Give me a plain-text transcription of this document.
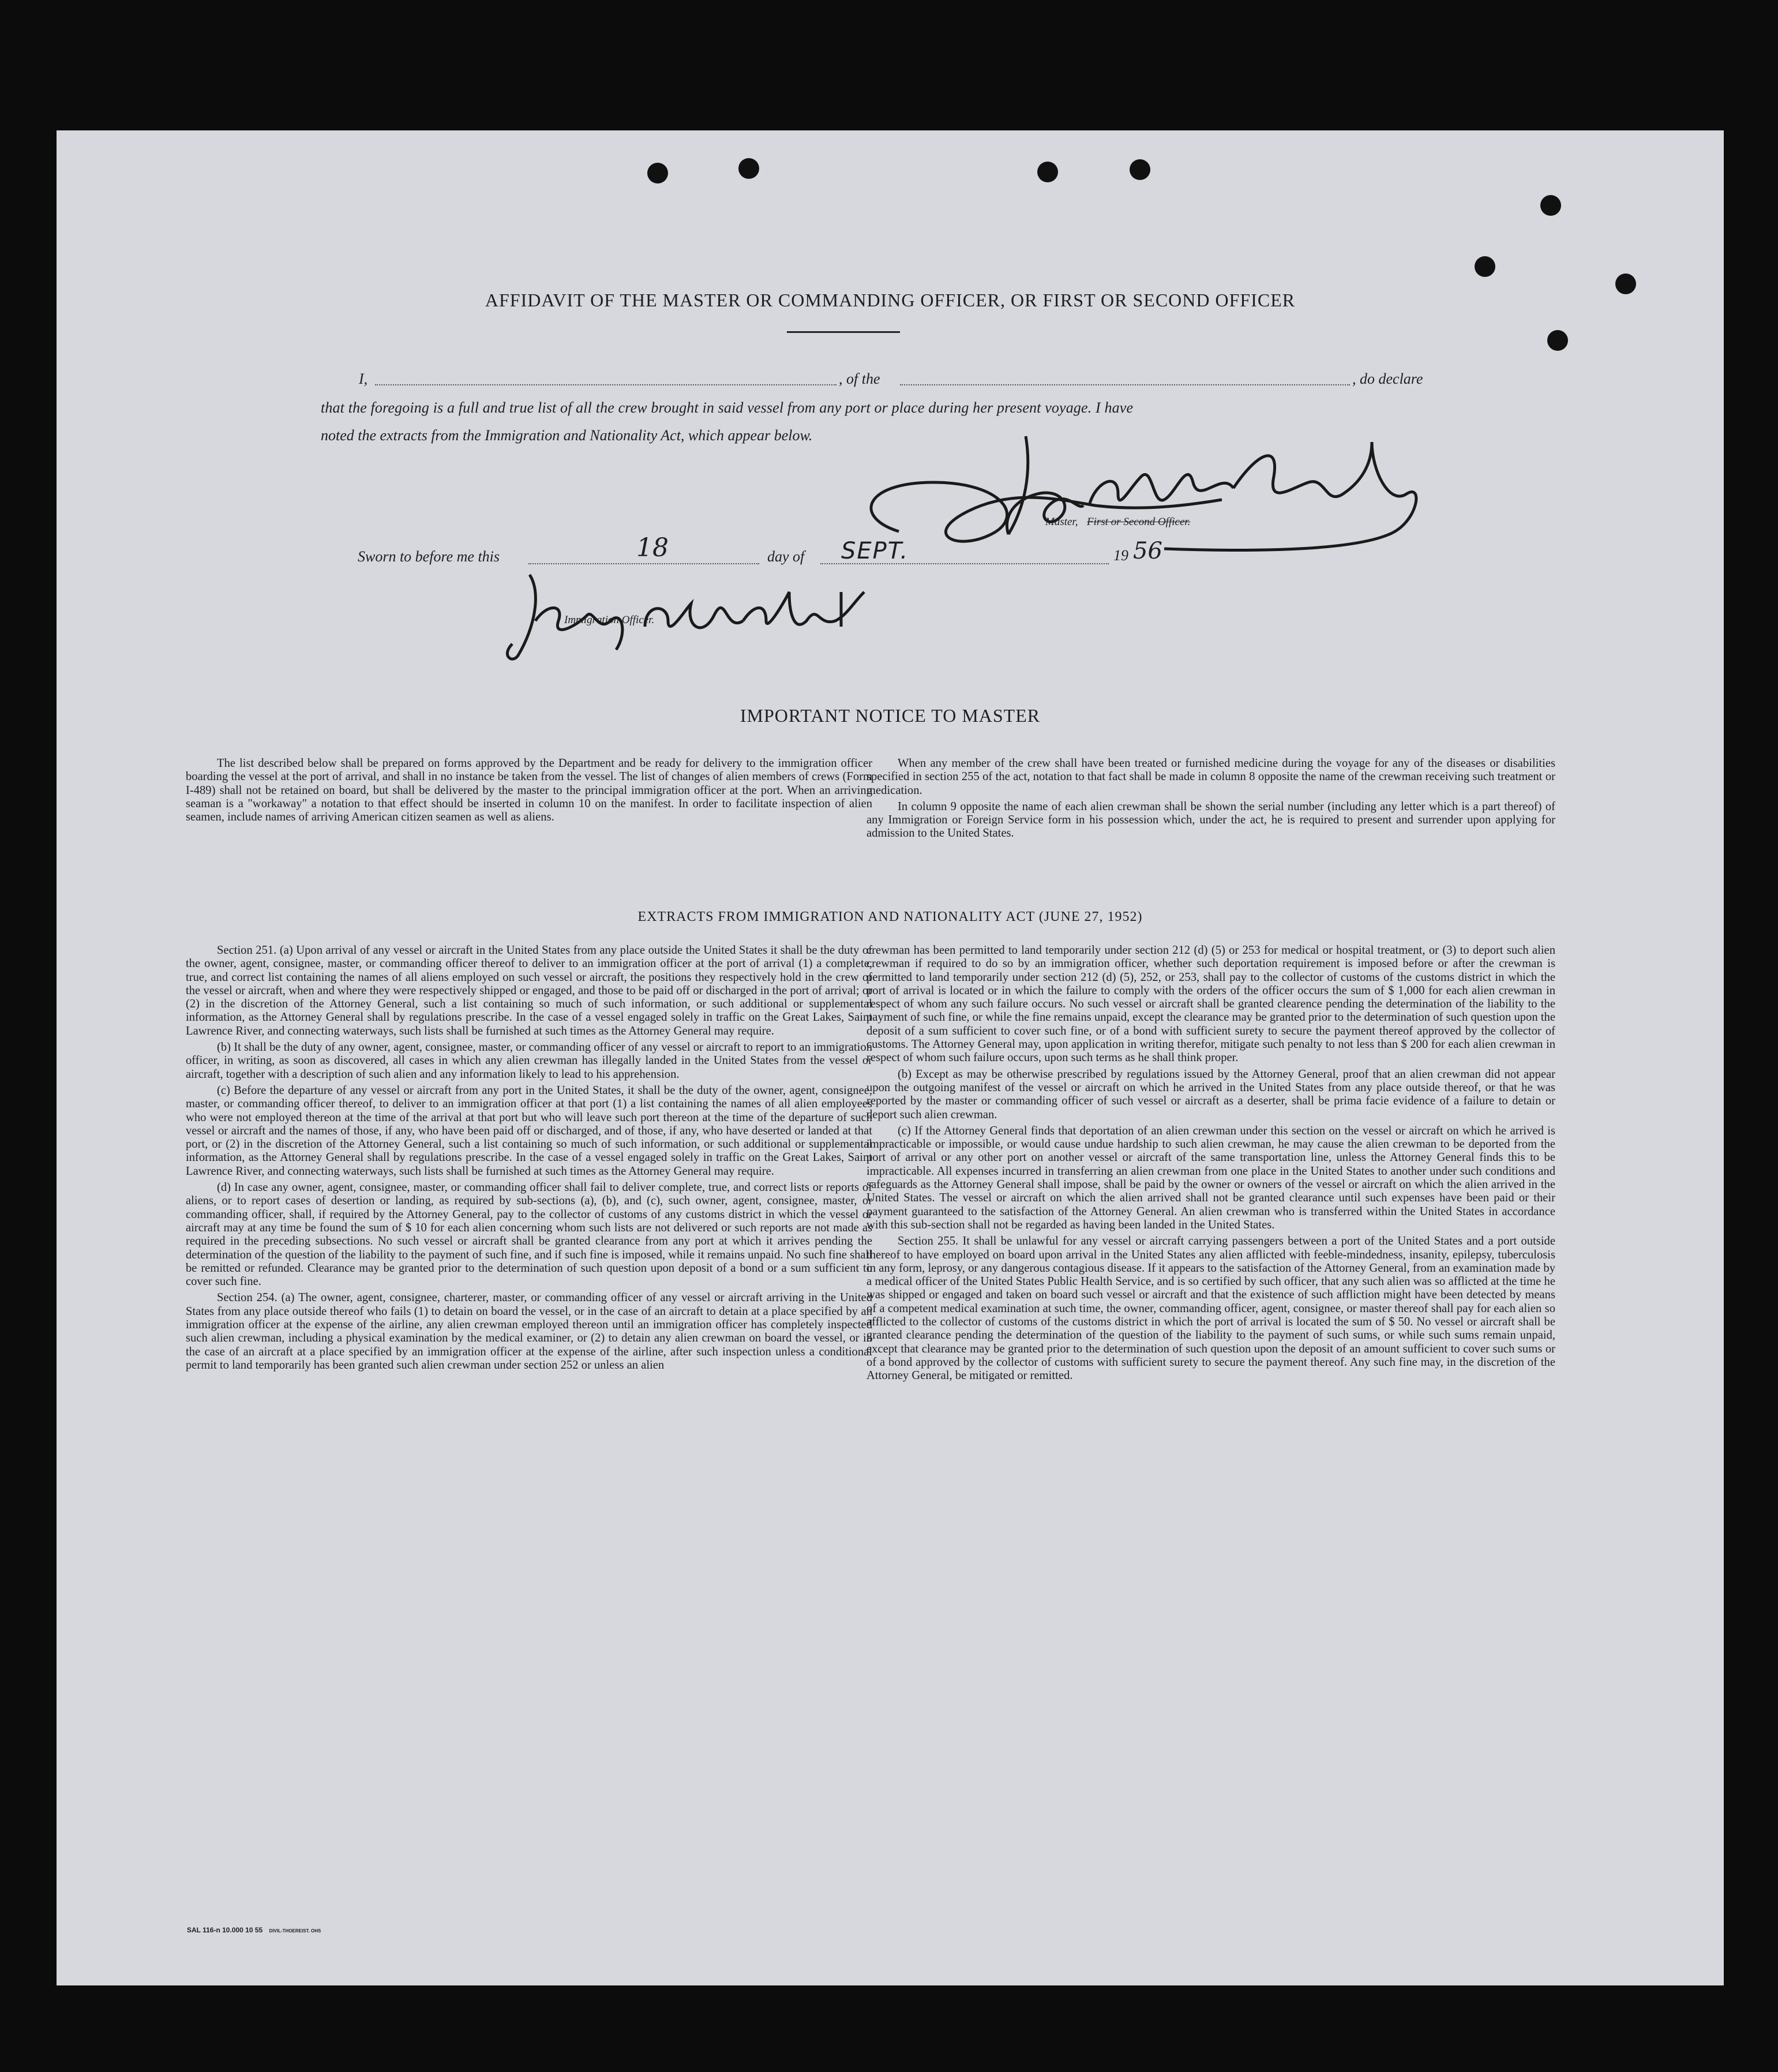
AFFIDAVIT OF THE MASTER OR COMMANDING OFFICER, OR FIRST OR SECOND OFFICER
I,	, of the	, do declare
that the foregoing is a full and true list of all the crew brought in said vessel from any port or place during her present voyage. I have
noted the extracts from the Immigration and Nationality Act, which appear below.
Master, First or Second Officer.
Sworn to before me this	18	day of SEPT.	19 56
Immigration Officer.
IMPORTANT NOTICE TO MASTER

The list described below shall be prepared on forms approved by the Department and be ready for delivery to the immigration officer boarding the vessel at the port of arrival, and shall in no instance be taken from the vessel. The list of changes of alien members of crews (Form I-489) shall not be retained on board, but shall be delivered by the master to the principal immigration officer at the port. When an arriving seaman is a "workaway" a notation to that effect should be inserted in column 10 on the manifest. In order to facilitate inspection of alien seamen, include names of arriving American citizen seamen as well as aliens.

When any member of the crew shall have been treated or furnished medicine during the voyage for any of the diseases or disabilities specified in section 255 of the act, notation to that fact shall be made in column 8 opposite the name of the crewman receiving such treatment or medication.

In column 9 opposite the name of each alien crewman shall be shown the serial number (including any letter which is a part thereof) of any Immigration or Foreign Service form in his possession which, under the act, he is required to present and surrender upon applying for admission to the United States.

EXTRACTS FROM IMMIGRATION AND NATIONALITY ACT (JUNE 27, 1952)

Section 251. (a) Upon arrival of any vessel or aircraft in the United States from any place outside the United States it shall be the duty of the owner, agent, consignee, master, or commanding officer thereof to deliver to an immigration officer at the port of arrival (1) a complete, true, and correct list containing the names of all aliens employed on such vessel or aircraft, the positions they respectively hold in the crew of the vessel or aircraft, when and where they were respectively shipped or engaged, and those to be paid off or discharged in the port of arrival; or (2) in the discretion of the Attorney General, such a list containing so much of such information, or such additional or supplemental information, as the Attorney General shall by regulations prescribe. In the case of a vessel engaged solely in traffic on the Great Lakes, Saint Lawrence River, and connecting waterways, such lists shall be furnished at such times as the Attorney General may require.

(b) It shall be the duty of any owner, agent, consignee, master, or commanding officer of any vessel or aircraft to report to an immigration officer, in writing, as soon as discovered, all cases in which any alien crewman has illegally landed in the United States from the vessel or aircraft, together with a description of such alien and any information likely to lead to his apprehension.

(c) Before the departure of any vessel or aircraft from any port in the United States, it shall be the duty of the owner, agent, consignee, master, or commanding officer thereof, to deliver to an immigration officer at that port (1) a list containing the names of all alien employees who were not employed thereon at the time of the arrival at that port but who will leave such port thereon at the time of the departure of such vessel or aircraft and the names of those, if any, who have been paid off or discharged, and of those, if any, who have deserted or landed at that port, or (2) in the discretion of the Attorney General, such a list containing so much of such information, or such additional or supplemental information, as the Attorney General shall by regulations prescribe. In the case of a vessel engaged solely in traffic on the Great Lakes, Saint Lawrence River, and connecting waterways, such lists shall be furnished at such times as the Attorney General may require.

(d) In case any owner, agent, consignee, master, or commanding officer shall fail to deliver complete, true, and correct lists or reports of aliens, or to report cases of desertion or landing, as required by sub-sections (a), (b), and (c), such owner, agent, consignee, master, or commanding officer, shall, if required by the Attorney General, pay to the collector of customs of any customs district in which the vessel or aircraft may at any time be found the sum of $ 10 for each alien concerning whom such lists are not delivered or such reports are not made as required in the preceding subsections. No such vessel or aircraft shall be granted clearance from any port at which it arrives pending the determination of the question of the liability to the payment of such fine, and if such fine is imposed, while it remains unpaid. No such fine shall be remitted or refunded. Clearance may be granted prior to the determination of such question upon deposit of a bond or a sum sufficient to cover such fine.

Section 254. (a) The owner, agent, consignee, charterer, master, or commanding officer of any vessel or aircraft arriving in the United States from any place outside thereof who fails (1) to detain on board the vessel, or in the case of an aircraft to detain at a place specified by an immigration officer at the expense of the airline, any alien crewman employed thereon until an immigration officer has completely inspected such alien crewman, including a physical examination by the medical examiner, or (2) to detain any alien crewman on board the vessel, or in the case of an aircraft at a place specified by an immigration officer at the expense of the airline, after such inspection unless a conditional permit to land temporarily has been granted such alien crewman under section 252 or unless an alien

crewman has been permitted to land temporarily under section 212 (d) (5) or 253 for medical or hospital treatment, or (3) to deport such alien crewman if required to do so by an immigration officer, whether such deportation requirement is imposed before or after the crewman is permitted to land temporarily under section 212 (d) (5), 252, or 253, shall pay to the collector of customs of the customs district in which the port of arrival is located or in which the failure to comply with the orders of the officer occurs the sum of $ 1,000 for each alien crewman in respect of whom any such failure occurs. No such vessel or aircraft shall be granted clearence pending the determination of the liability to the payment of such fine, or while the fine remains unpaid, except the clearance may be granted prior to the determination of such question upon the deposit of a sum sufficient to cover such fine, or of a bond with sufficient surety to secure the payment thereof approved by the collector of customs. The Attorney General may, upon application in writing therefor, mitigate such penalty to not less than $ 200 for each alien crewman in respect of whom such failure occurs, upon such terms as he shall think proper.

(b) Except as may be otherwise prescribed by regulations issued by the Attorney General, proof that an alien crewman did not appear upon the outgoing manifest of the vessel or aircraft on which he arrived in the United States from any place outside thereof, or that he was reported by the master or commanding officer of such vessel or aircraft as a deserter, shall be prima facie evidence of a failure to detain or deport such alien crewman.

(c) If the Attorney General finds that deportation of an alien crewman under this section on the vessel or aircraft on which he arrived is impracticable or impossible, or would cause undue hardship to such alien crewman, he may cause the alien crewman to be deported from the port of arrival or any other port on another vessel or aircraft of the same transportation line, unless the Attorney General finds this to be impracticable. All expenses incurred in transferring an alien crewman from one place in the United States to another under such conditions and safeguards as the Attorney General shall impose, shall be paid by the owner or owners of the vessel or aircraft on which the alien arrived in the United States. The vessel or aircraft on which the alien arrived shall not be granted clearance until such expenses have been paid or their payment guaranteed to the satisfaction of the Attorney General. An alien crewman who is transferred within the United States in accordance with this sub-section shall not be regarded as having been landed in the United States.

Section 255. It shall be unlawful for any vessel or aircraft carrying passengers between a port of the United States and a port outside thereof to have employed on board upon arrival in the United States any alien afflicted with feeble-mindedness, insanity, epilepsy, tuberculosis in any form, leprosy, or any dangerous contagious disease. If it appears to the satisfaction of the Attorney General, from an examination made by a medical officer of the United States Public Health Service, and is so certified by such officer, that any such alien was so afflicted at the time he was shipped or engaged and taken on board such vessel or aircraft and that the existence of such affliction might have been detected by means of a competent medical examination at such time, the owner, commanding officer, agent, consignee, or master thereof shall pay for each alien so afflicted to the collector of customs of the customs district in which the port of arrival is located the sum of $ 50. No vessel or aircraft shall be granted clearance pending the determination of the question of the liability to the payment of such sums, or while such sums remain unpaid, except that clearance may be granted prior to the determination of such question upon the deposit of an amount sufficient to cover such sums or of a bond approved by the collector of customs with sufficient surety to secure the payment thereof. Any such fine may, in the discretion of the Attorney General, be mitigated or remitted.

SAL 116-n 10.000 10 55 DIVIL-THOEREIST. OHS
